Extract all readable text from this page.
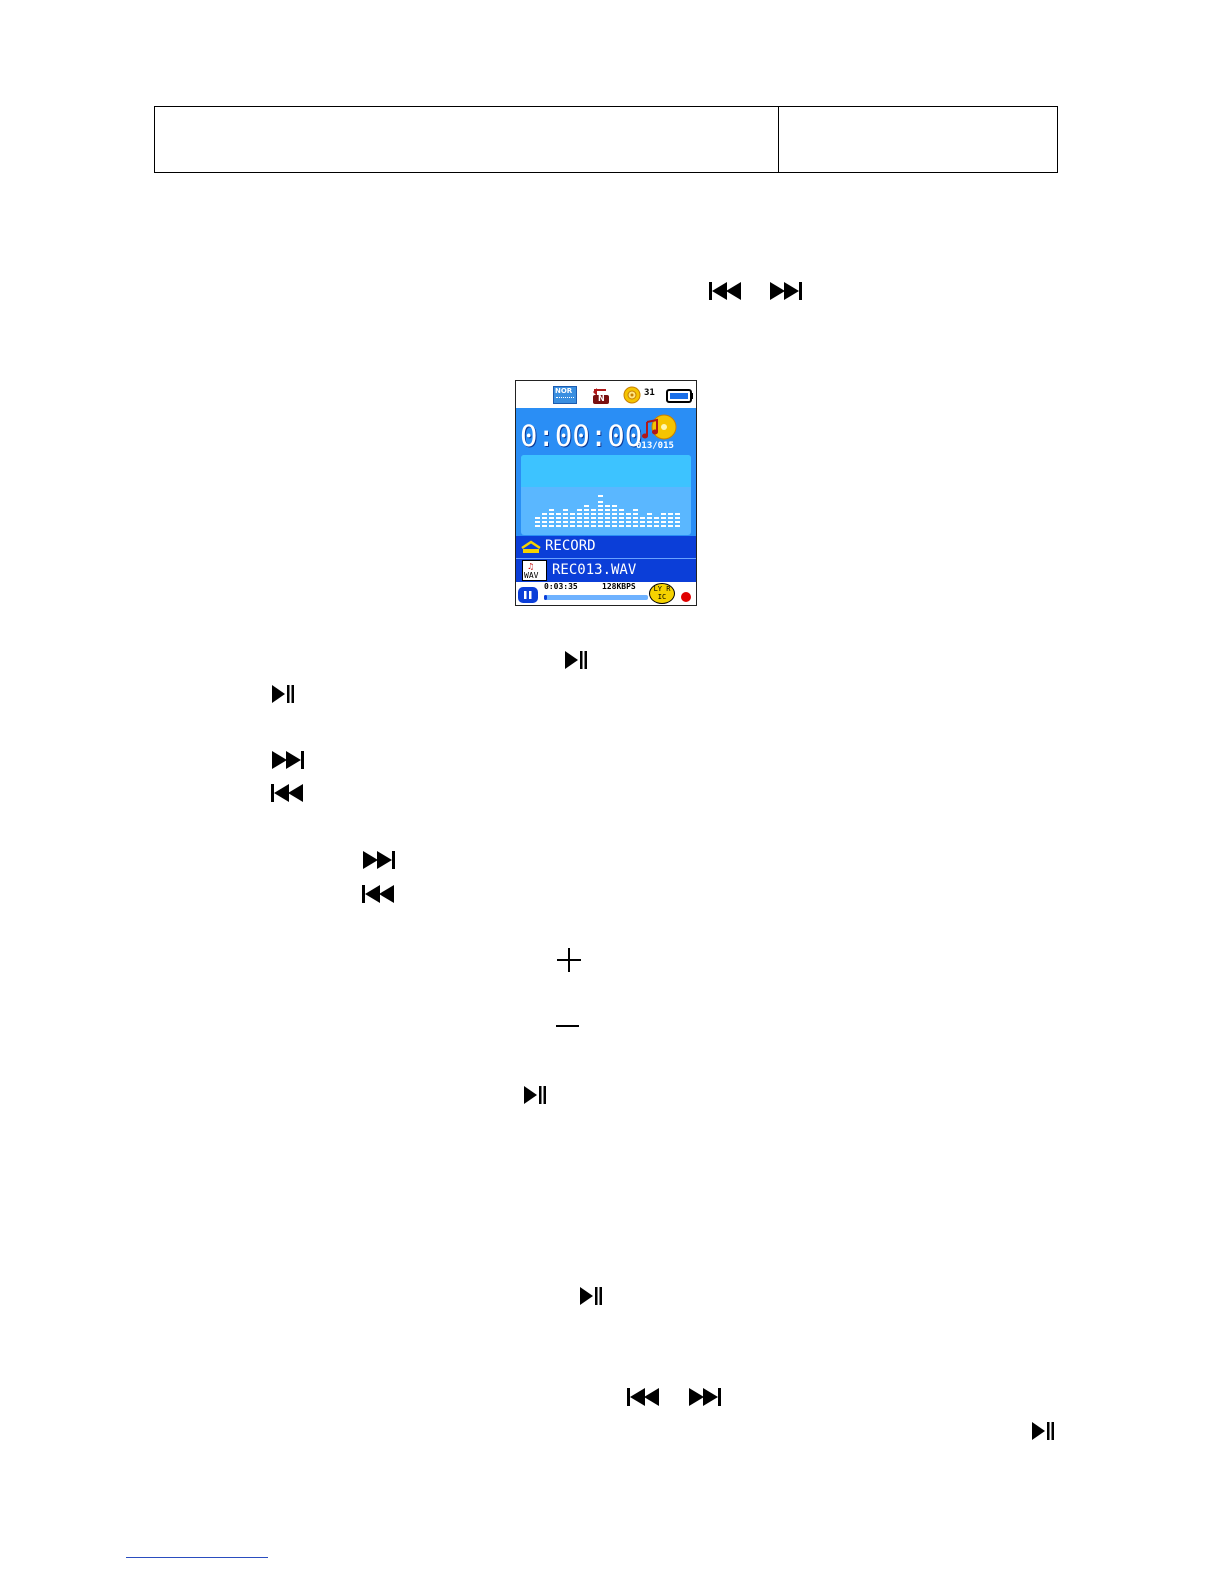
NOR
N
31
0:00:00
013/015
RECORD
♫
WAV REC013.WAV
0:03:35	128KBPS	LY RIC
